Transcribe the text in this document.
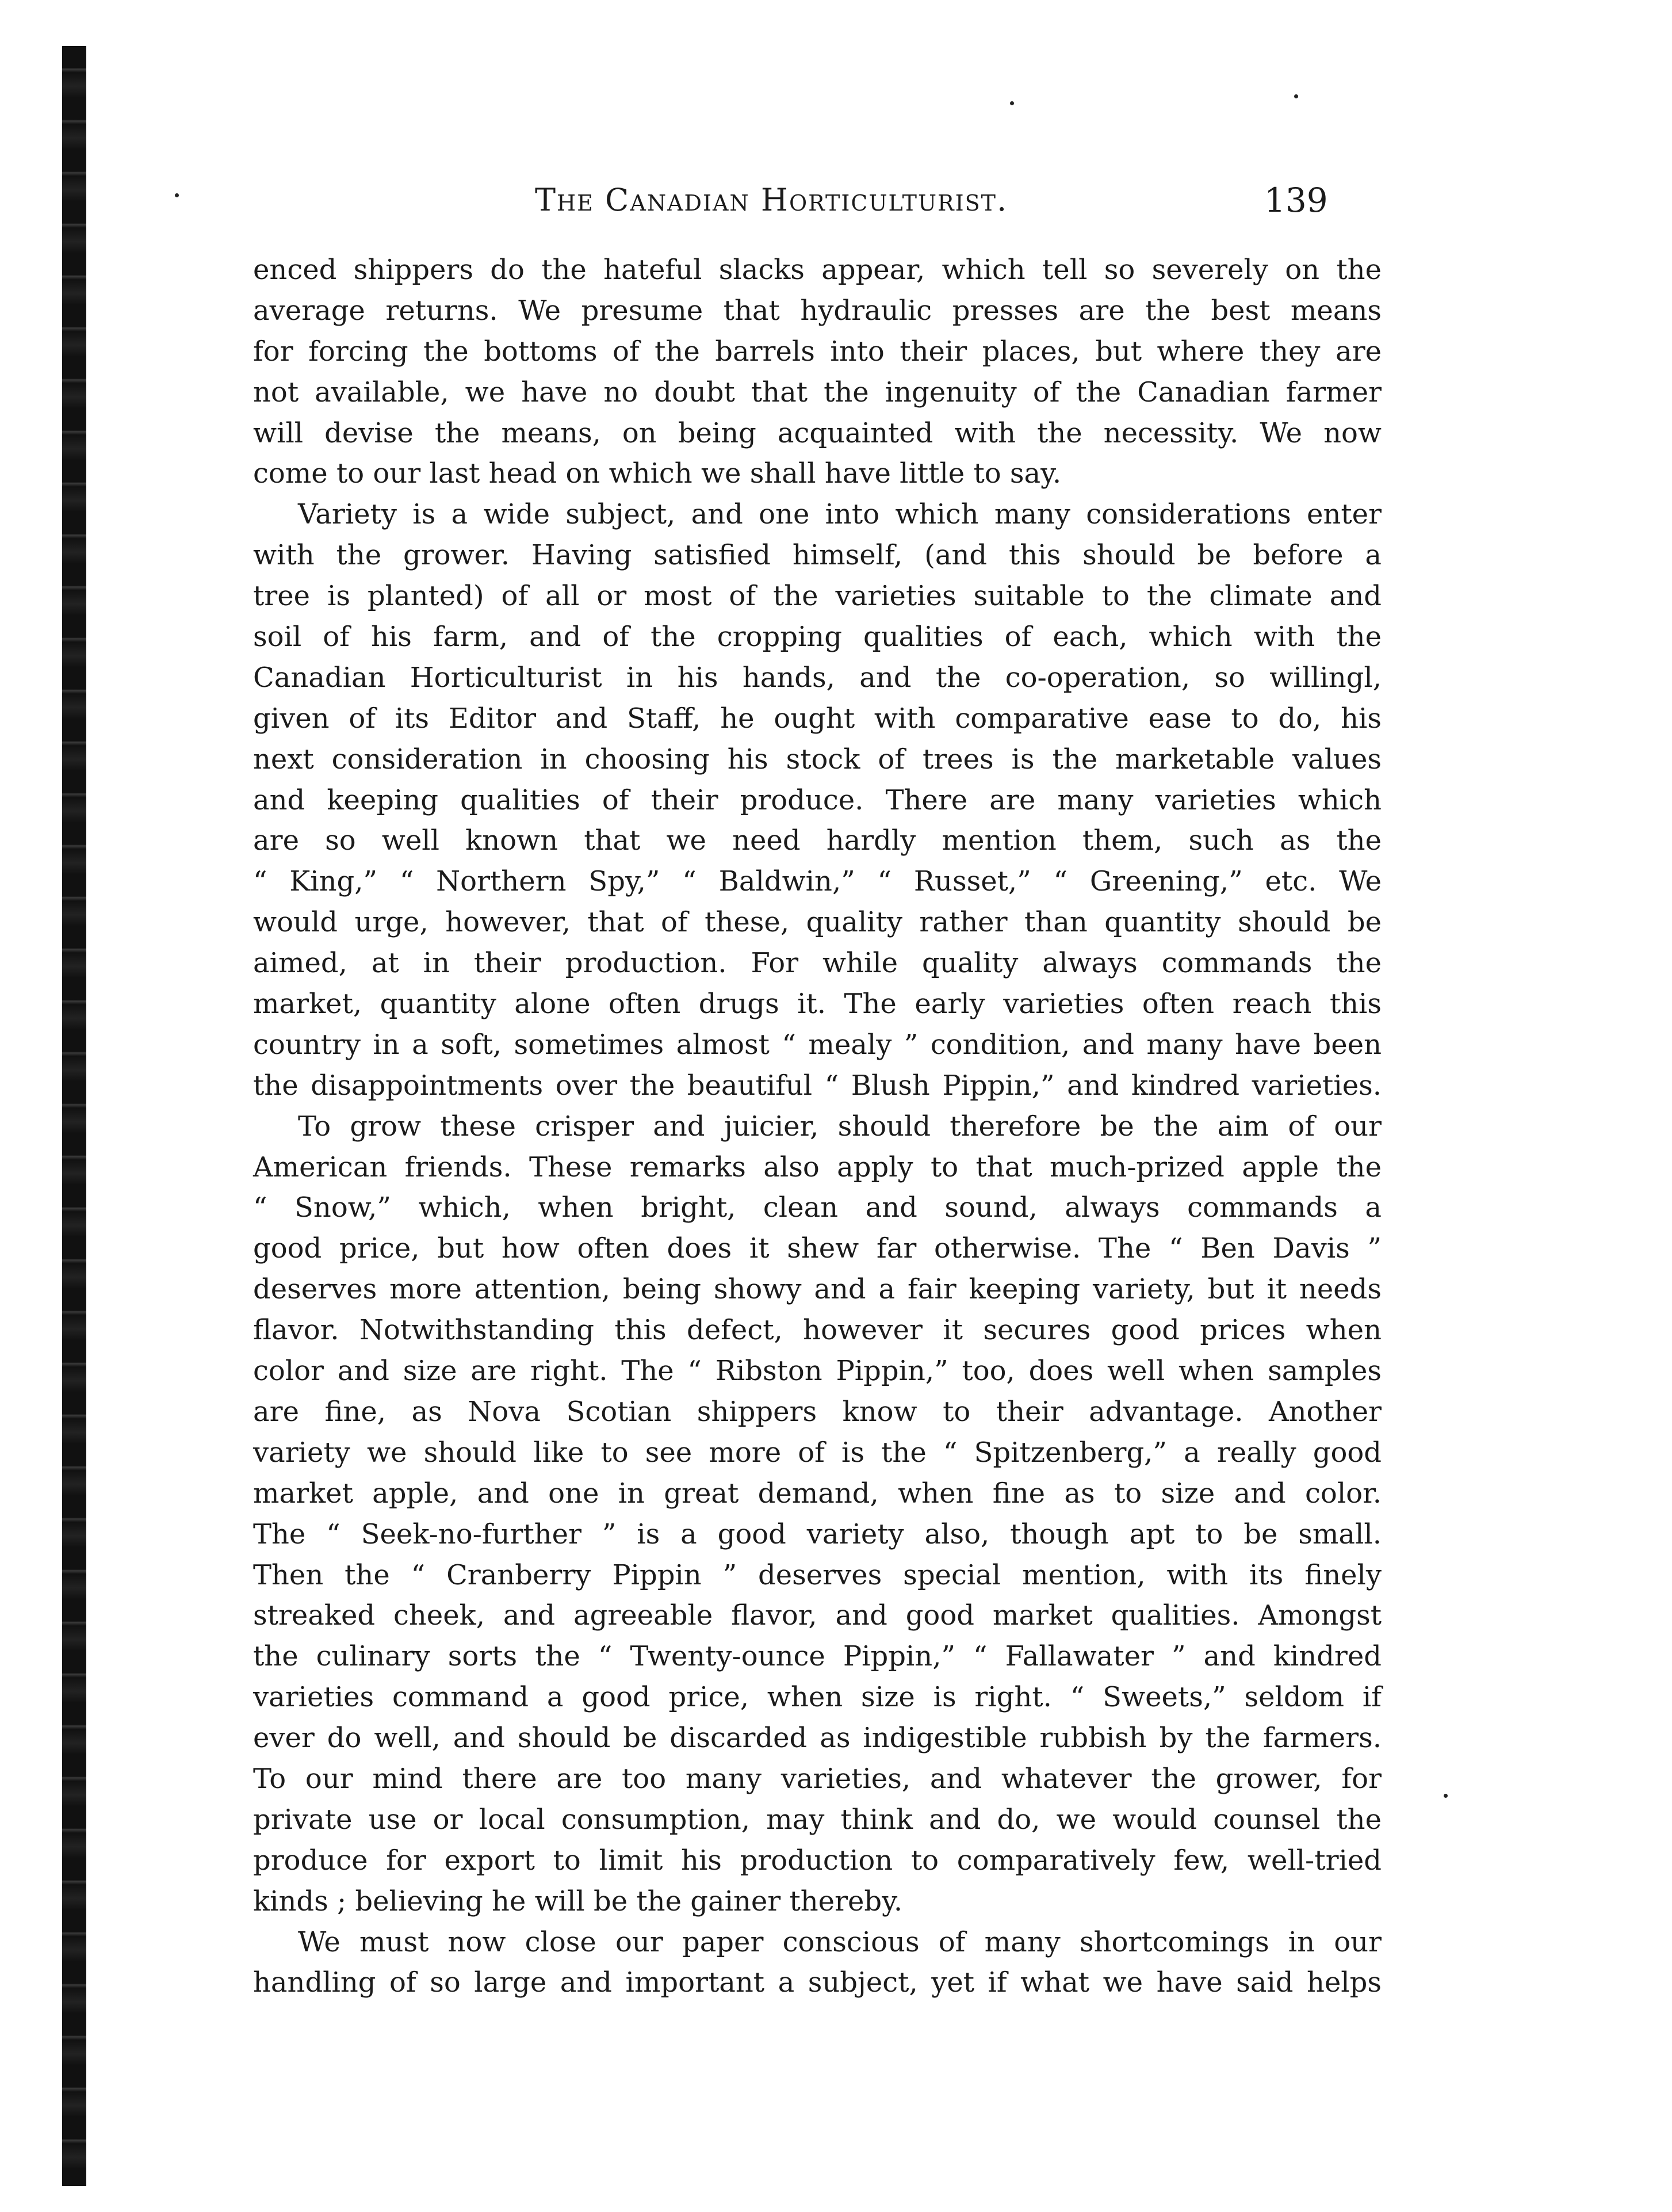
The Canadian Horticulturist.	139

enced shippers do the hateful slacks appear, which tell so severely on the
average returns. We presume that hydraulic presses are the best means
for forcing the bottoms of the barrels into their places, but where they are
not available, we have no doubt that the ingenuity of the Canadian farmer
will devise the means, on being acquainted with the necessity. We now
come to our last head on which we shall have little to say.

Variety is a wide subject, and one into which many considerations enter
with the grower. Having satisfied himself, (and this should be before a
tree is planted) of all or most of the varieties suitable to the climate and
soil of his farm, and of the cropping qualities of each, which with the
Canadian Horticulturist in his hands, and the co-operation, so willingl,
given of its Editor and Staff, he ought with comparative ease to do, his
next consideration in choosing his stock of trees is the marketable values
and keeping qualities of their produce. There are many varieties which
are so well known that we need hardly mention them, such as the
“ King,” “ Northern Spy,” “ Baldwin,” “ Russet,” “ Greening,” etc. We
would urge, however, that of these, quality rather than quantity should be
aimed, at in their production. For while quality always commands the
market, quantity alone often drugs it. The early varieties often reach this
country in a soft, sometimes almost “ mealy ” condition, and many have been
the disappointments over the beautiful “ Blush Pippin,” and kindred varieties.

To grow these crisper and juicier, should therefore be the aim of our
American friends. These remarks also apply to that much-prized apple the
“ Snow,” which, when bright, clean and sound, always commands a
good price, but how often does it shew far otherwise. The “ Ben Davis ”
deserves more attention, being showy and a fair keeping variety, but it needs
flavor. Notwithstanding this defect, however it secures good prices when
color and size are right. The “ Ribston Pippin,” too, does well when samples
are fine, as Nova Scotian shippers know to their advantage. Another
variety we should like to see more of is the “ Spitzenberg,” a really good
market apple, and one in great demand, when fine as to size and color.
The “ Seek-no-further ” is a good variety also, though apt to be small.
Then the “ Cranberry Pippin ” deserves special mention, with its finely
streaked cheek, and agreeable flavor, and good market qualities. Amongst
the culinary sorts the “ Twenty-ounce Pippin,” “ Fallawater ” and kindred
varieties command a good price, when size is right. “ Sweets,” seldom if
ever do well, and should be discarded as indigestible rubbish by the farmers.
To our mind there are too many varieties, and whatever the grower, for
private use or local consumption, may think and do, we would counsel the
produce for export to limit his production to comparatively few, well-tried
kinds ; believing he will be the gainer thereby.

We must now close our paper conscious of many shortcomings in our
handling of so large and important a subject, yet if what we have said helps
